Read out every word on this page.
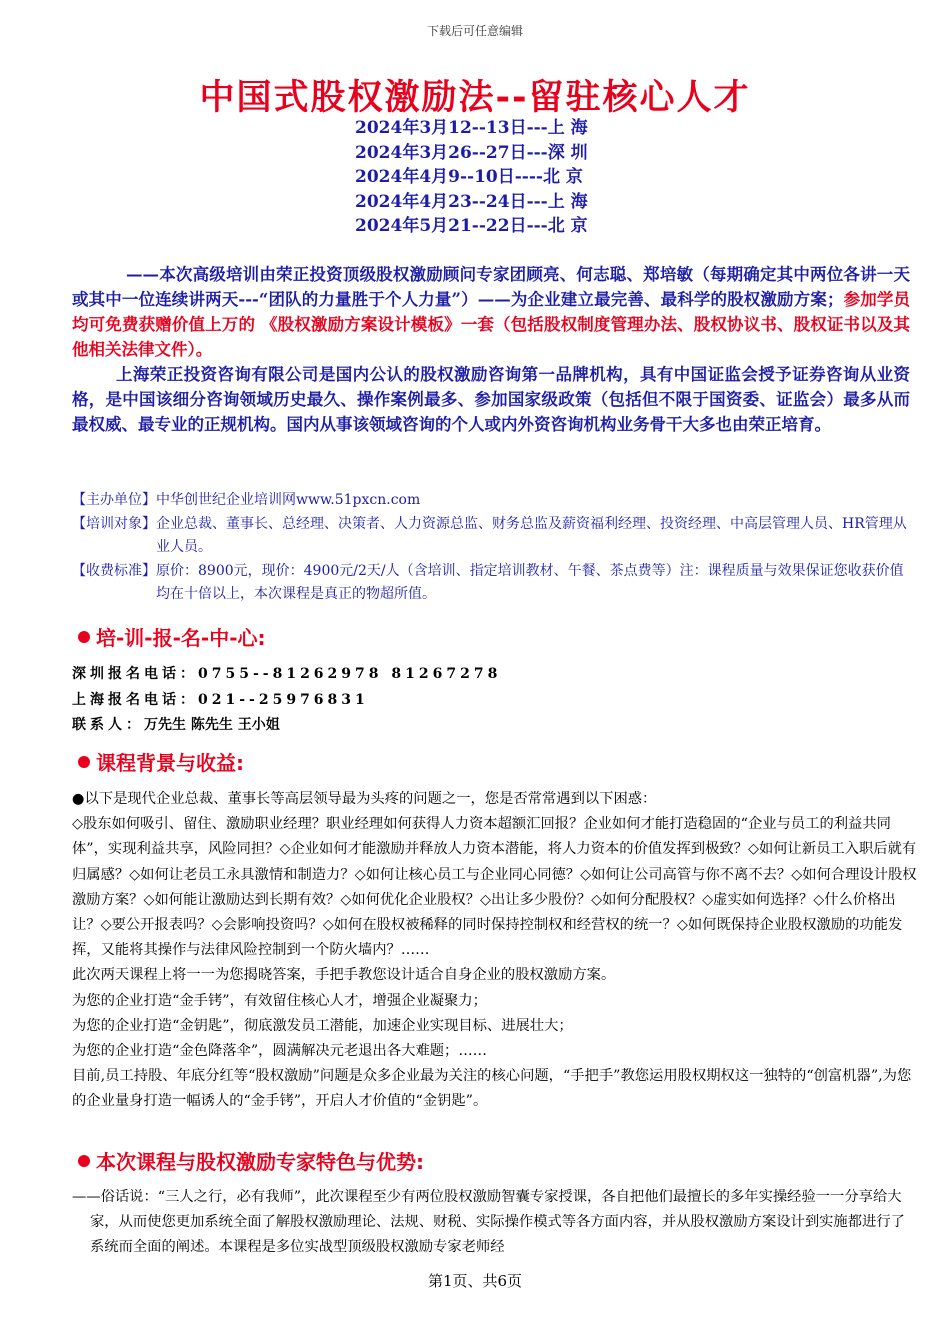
下载后可任意编辑
中国式股权激励法--留驻核心人才
2024年3月12--13日---上 海
2024年3月26--27日---深 圳
2024年4月9--10日----北 京
2024年4月23--24日---上 海
2024年5月21--22日---北 京

——本次高级培训由荣正投资顶级股权激励顾问专家团顾亮、何志聪、郑培敏（每期确定其中两位各讲一天或其中一位连续讲两天---“团队的力量胜于个人力量”）——为企业建立最完善、最科学的股权激励方案；参加学员均可免费获赠价值上万的 《股权激励方案设计模板》一套（包括股权制度管理办法、股权协议书、股权证书以及其他相关法律文件）。

上海荣正投资咨询有限公司是国内公认的股权激励咨询第一品牌机构，具有中国证监会授予证券咨询从业资格，是中国该细分咨询领域历史最久、操作案例最多、参加国家级政策（包括但不限于国资委、证监会）最多从而最权威、最专业的正规机构。国内从事该领域咨询的个人或内外资咨询机构业务骨干大多也由荣正培育。

【主办单位】 中华创世纪企业培训网www.51pxcn.com
【培训对象】 企业总裁、董事长、总经理、决策者、人力资源总监、财务总监及薪资福利经理、投资经理、中高层管理人员、HR管理从业人员。
【收费标准】 原价：8900元，现价：4900元/2天/人（含培训、指定培训教材、午餐、茶点费等）注：课程质量与效果保证您收获价值均在十倍以上，本次课程是真正的物超所值。
培-训-报-名-中-心:
深圳报名电话：0755--81262978 81267278
上海报名电话：021--25976831
联系人：万先生 陈先生 王小姐
课程背景与收益:

●以下是现代企业总裁、董事长等高层领导最为头疼的问题之一，您是否常常遇到以下困惑：

◇股东如何吸引、留住、激励职业经理？职业经理如何获得人力资本超额汇回报？企业如何才能打造稳固的“企业与员工的利益共同体”，实现利益共享，风险同担？◇企业如何才能激励并释放人力资本潜能，将人力资本的价值发挥到极致？◇如何让新员工入职后就有归属感？◇如何让老员工永具激情和制造力？◇如何让核心员工与企业同心同德？◇如何让公司高管与你不离不去？◇如何合理设计股权激励方案？◇如何能让激励达到长期有效？◇如何优化企业股权？◇出让多少股份？◇如何分配股权？◇虚实如何选择？◇什么价格出让？◇要公开报表吗？◇会影响投资吗？◇如何在股权被稀释的同时保持控制权和经营权的统一？◇如何既保持企业股权激励的功能发挥，又能将其操作与法律风险控制到一个防火墙内？……

此次两天课程上将一一为您揭晓答案，手把手教您设计适合自身企业的股权激励方案。

为您的企业打造“金手铐”，有效留住核心人才，增强企业凝聚力；

为您的企业打造“金钥匙”，彻底激发员工潜能，加速企业实现目标、进展壮大；

为您的企业打造“金色降落伞”，圆满解决元老退出各大难题；……

目前,员工持股、年底分红等“股权激励”问题是众多企业最为关注的核心问题，“手把手”教您运用股权期权这一独特的“创富机器”,为您的企业量身打造一幅诱人的“金手铐”，开启人才价值的“金钥匙”。

本次课程与股权激励专家特色与优势:

——俗话说：“三人之行，必有我师”，此次课程至少有两位股权激励智囊专家授课，各自把他们最擅长的多年实操经验一一分享给大家，从而使您更加系统全面了解股权激励理论、法规、财税、实际操作模式等各方面内容，并从股权激励方案设计到实施都进行了系统而全面的阐述。本课程是多位实战型顶级股权激励专家老师经

第1页、共6页
